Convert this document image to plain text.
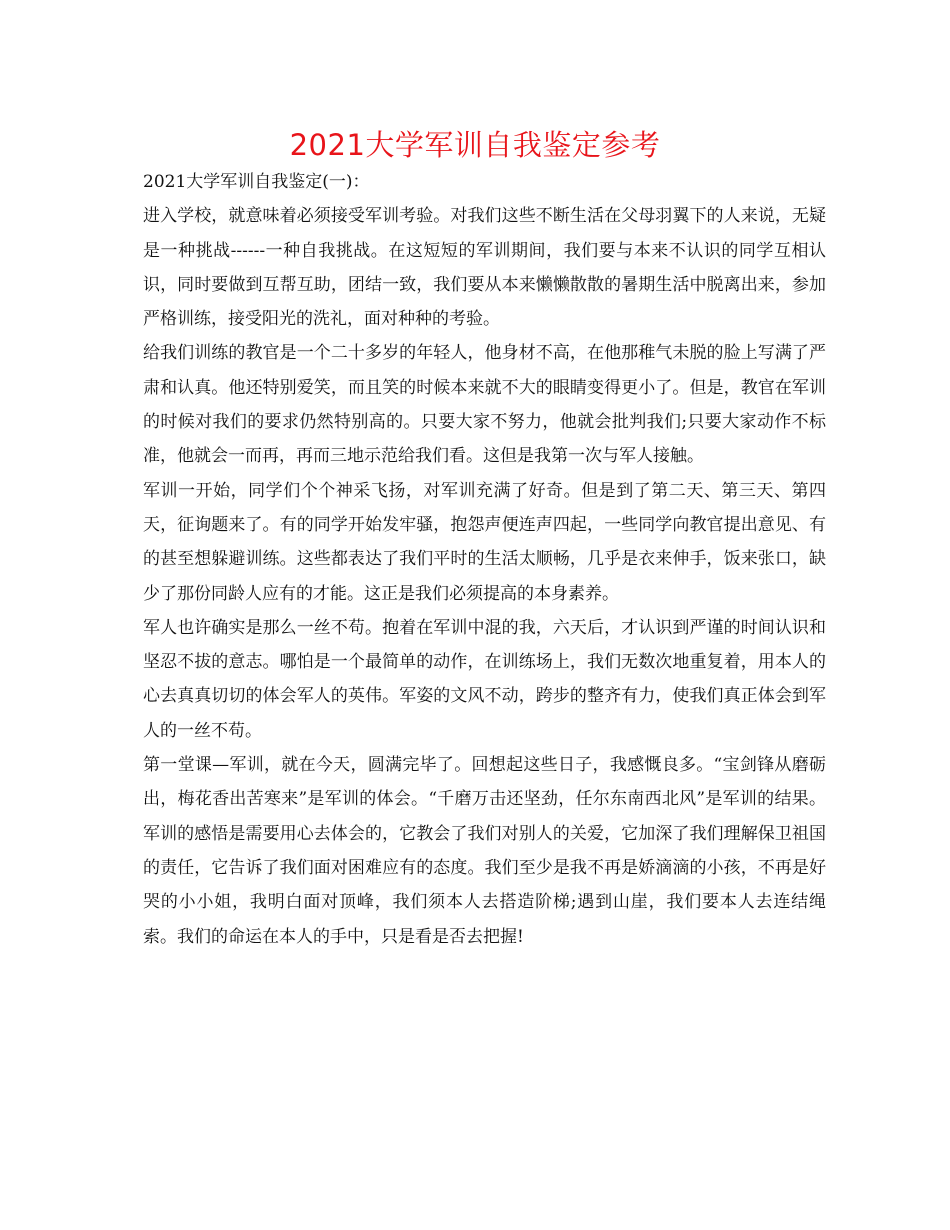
2021大学军训自我鉴定参考

2021大学军训自我鉴定(一)：

进入学校，就意味着必须接受军训考验。对我们这些不断生活在父母羽翼下的人来说，无疑是一种挑战------一种自我挑战。在这短短的军训期间，我们要与本来不认识的同学互相认识，同时要做到互帮互助，团结一致，我们要从本来懒懒散散的暑期生活中脱离出来，参加严格训练，接受阳光的洗礼，面对种种的考验。

给我们训练的教官是一个二十多岁的年轻人，他身材不高，在他那稚气未脱的脸上写满了严肃和认真。他还特别爱笑，而且笑的时候本来就不大的眼睛变得更小了。但是，教官在军训的时候对我们的要求仍然特别高的。只要大家不努力，他就会批判我们;只要大家动作不标准，他就会一而再，再而三地示范给我们看。这但是我第一次与军人接触。

军训一开始，同学们个个神采飞扬，对军训充满了好奇。但是到了第二天、第三天、第四天，征询题来了。有的同学开始发牢骚，抱怨声便连声四起，一些同学向教官提出意见、有的甚至想躲避训练。这些都表达了我们平时的生活太顺畅，几乎是衣来伸手，饭来张口，缺少了那份同龄人应有的才能。这正是我们必须提高的本身素养。

军人也许确实是那么一丝不苟。抱着在军训中混的我，六天后，才认识到严谨的时间认识和坚忍不拔的意志。哪怕是一个最简单的动作，在训练场上，我们无数次地重复着，用本人的心去真真切切的体会军人的英伟。军姿的文风不动，跨步的整齐有力，使我们真正体会到军人的一丝不苟。

第一堂课—军训，就在今天，圆满完毕了。回想起这些日子，我感慨良多。“宝剑锋从磨砺出，梅花香出苦寒来”是军训的体会。“千磨万击还坚劲，任尔东南西北风”是军训的结果。军训的感悟是需要用心去体会的，它教会了我们对别人的关爱，它加深了我们理解保卫祖国的责任，它告诉了我们面对困难应有的态度。我们至少是我不再是娇滴滴的小孩，不再是好哭的小小姐，我明白面对顶峰，我们须本人去搭造阶梯;遇到山崖，我们要本人去连结绳索。我们的命运在本人的手中，只是看是否去把握!
